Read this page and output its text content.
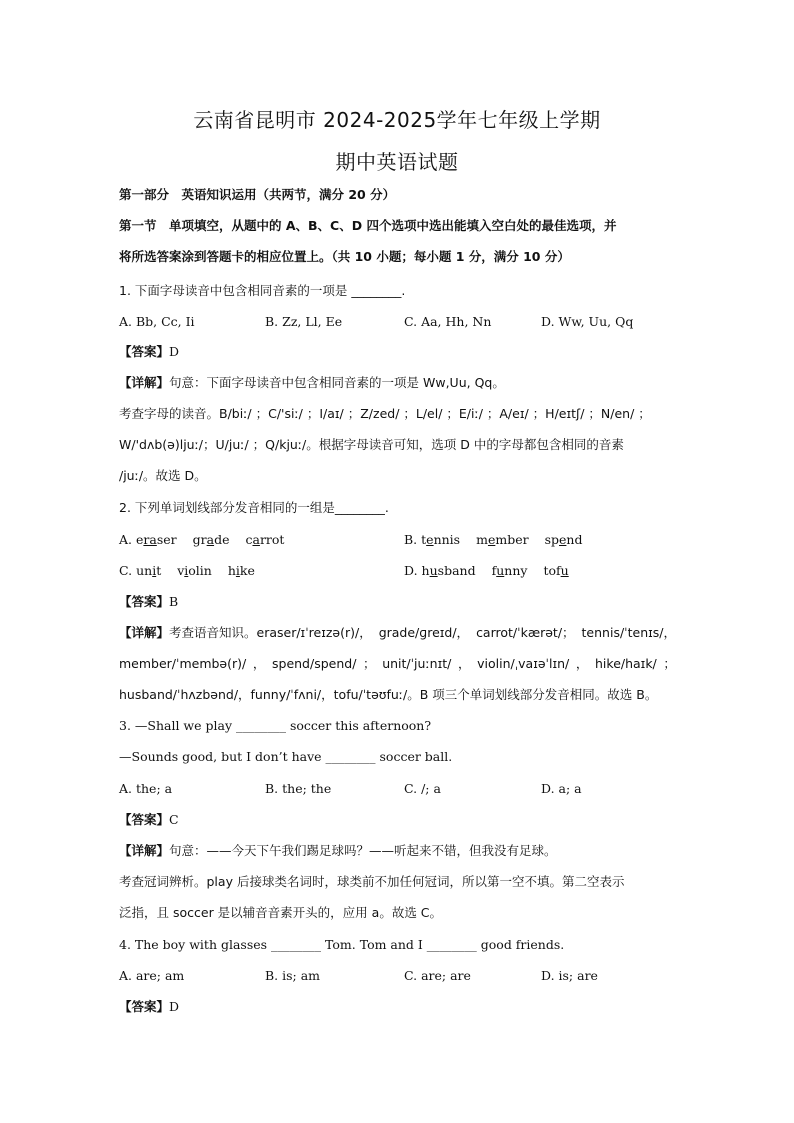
云南省昆明市 2024-2025学年七年级上学期
期中英语试题
第一部分　英语知识运用（共两节，满分 20 分）
第一节　单项填空，从题中的 A、B、C、D 四个选项中选出能填入空白处的最佳选项，并
将所选答案涂到答题卡的相应位置上。（共 10 小题；每小题 1 分，满分 10 分）
1. 下面字母读音中包含相同音素的一项是 ________.
A. Bb, Cc, Ii	B. Zz, Ll, Ee	C. Aa, Hh, Nn	D. Ww, Uu, Qq
【答案】D
【详解】句意：下面字母读音中包含相同音素的一项是 Ww,Uu, Qq。
考查字母的读音。B/biː/ ；C/'siː/ ；I/aɪ/ ；Z/zed/ ；L/el/ ；E/iː/ ；A/eɪ/ ；H/eɪtʃ/ ；N/en/ ；
W/'dʌb(ə)ljuː/；U/juː/ ；Q/kjuː/。根据字母读音可知，选项 D 中的字母都包含相同的音素
/juː/。故选 D。
2. 下列单词划线部分发音相同的一组是________.
A. eraser grade carrot	B. tennis member spend
C. unit violin hike	D. husband funny tofu
【答案】B
【详解】考查语音知识。eraser/ɪˈreɪzə(r)/， grade/ɡreɪd/， carrot/ˈkærət/； tennis/ˈtenɪs/，
member/ˈmembə(r)/ ， spend/spend/ ； unit/ˈjuːnɪt/ ， violin/ˌvaɪəˈlɪn/ ， hike/haɪk/ ；
husband/ˈhʌzbənd/，funny/ˈfʌni/，tofu/ˈtəʊfuː/。B 项三个单词划线部分发音相同。故选 B。
3. —Shall we play ________ soccer this afternoon?
—Sounds good, but I don’t have ________ soccer ball.
A. the; a	B. the; the	C. /; a	D. a; a
【答案】C
【详解】句意：——今天下午我们踢足球吗？——听起来不错，但我没有足球。
考查冠词辨析。play 后接球类名词时，球类前不加任何冠词，所以第一空不填。第二空表示
泛指，且 soccer 是以辅音音素开头的，应用 a。故选 C。
4. The boy with glasses ________ Tom. Tom and I ________ good friends.
A. are; am	B. is; am	C. are; are	D. is; are
【答案】D
